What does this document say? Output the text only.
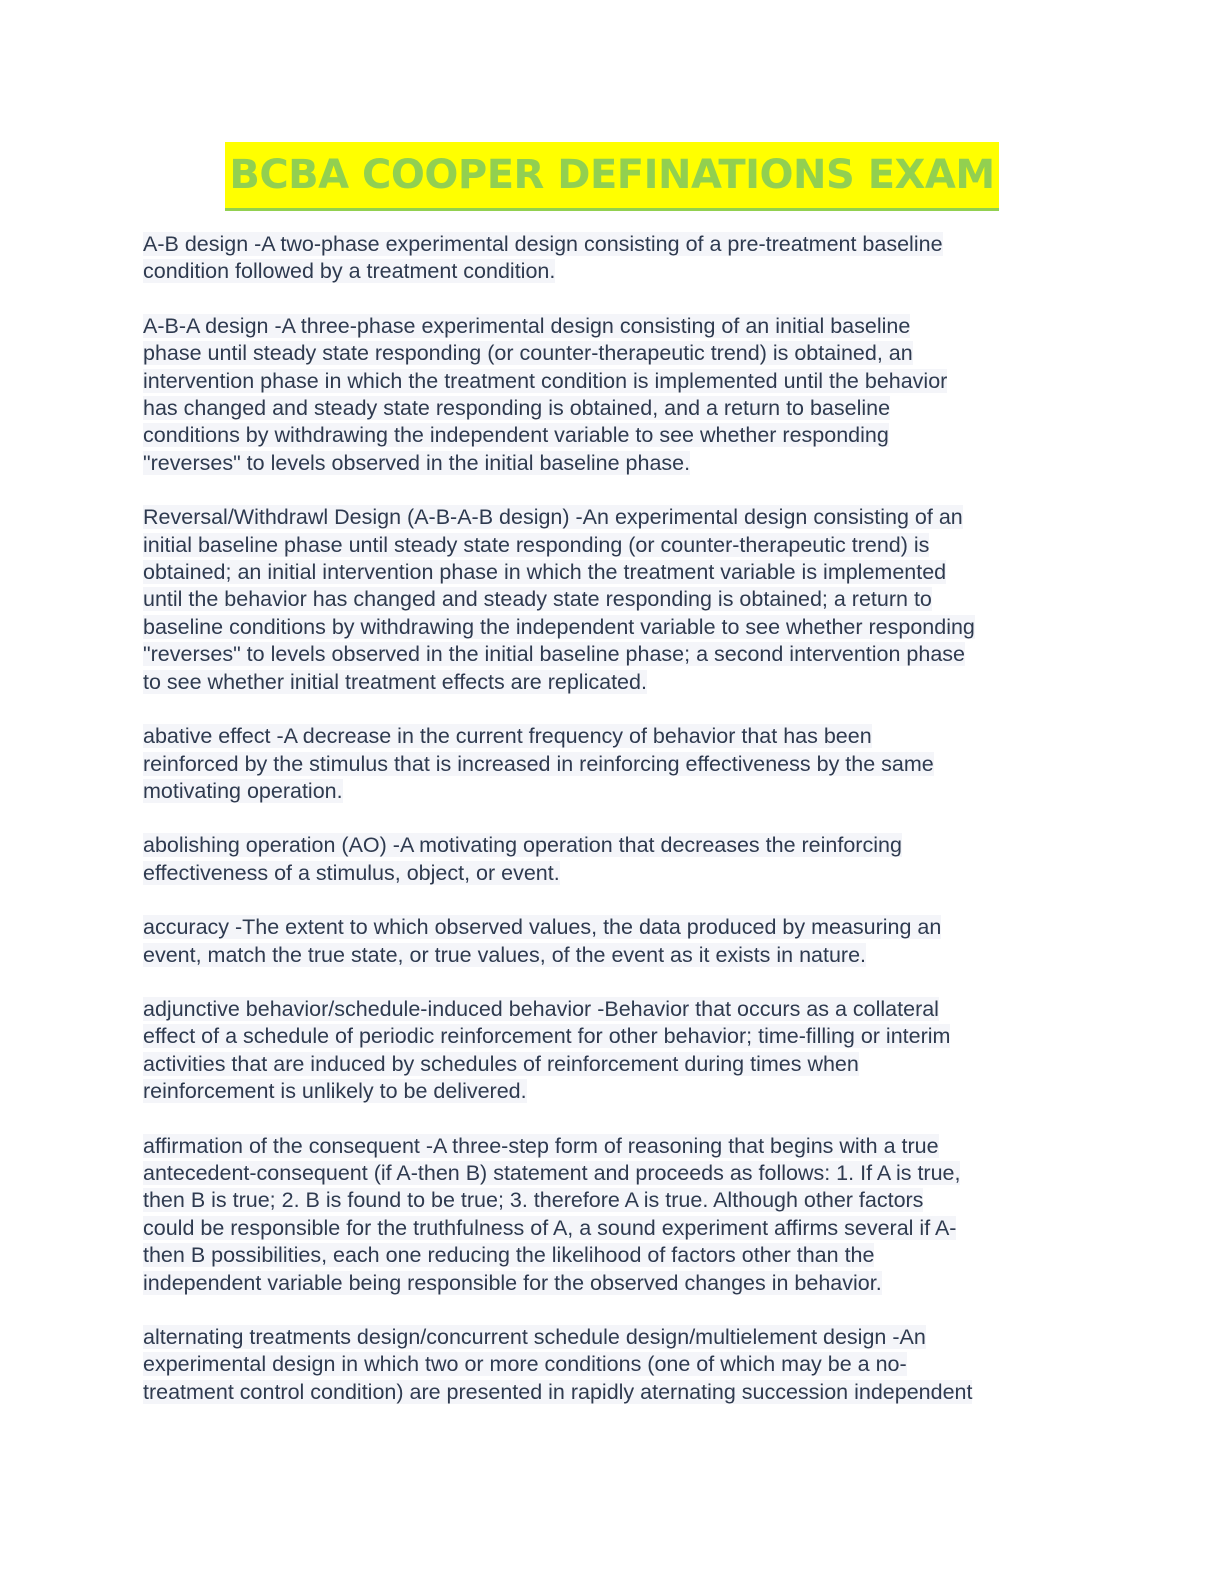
BCBA COOPER DEFINATIONS EXAM
A-B design -A two-phase experimental design consisting of a pre-treatment baseline
condition followed by a treatment condition.
A-B-A design -A three-phase experimental design consisting of an initial baseline
phase until steady state responding (or counter-therapeutic trend) is obtained, an
intervention phase in which the treatment condition is implemented until the behavior
has changed and steady state responding is obtained, and a return to baseline
conditions by withdrawing the independent variable to see whether responding
"reverses" to levels observed in the initial baseline phase.
Reversal/Withdrawl Design (A-B-A-B design) -An experimental design consisting of an
initial baseline phase until steady state responding (or counter-therapeutic trend) is
obtained; an initial intervention phase in which the treatment variable is implemented
until the behavior has changed and steady state responding is obtained; a return to
baseline conditions by withdrawing the independent variable to see whether responding
"reverses" to levels observed in the initial baseline phase; a second intervention phase
to see whether initial treatment effects are replicated.
abative effect -A decrease in the current frequency of behavior that has been
reinforced by the stimulus that is increased in reinforcing effectiveness by the same
motivating operation.
abolishing operation (AO) -A motivating operation that decreases the reinforcing
effectiveness of a stimulus, object, or event.
accuracy -The extent to which observed values, the data produced by measuring an
event, match the true state, or true values, of the event as it exists in nature.
adjunctive behavior/schedule-induced behavior -Behavior that occurs as a collateral
effect of a schedule of periodic reinforcement for other behavior; time-filling or interim
activities that are induced by schedules of reinforcement during times when
reinforcement is unlikely to be delivered.
affirmation of the consequent -A three-step form of reasoning that begins with a true
antecedent-consequent (if A-then B) statement and proceeds as follows: 1. If A is true,
then B is true; 2. B is found to be true; 3. therefore A is true. Although other factors
could be responsible for the truthfulness of A, a sound experiment affirms several if A-
then B possibilities, each one reducing the likelihood of factors other than the
independent variable being responsible for the observed changes in behavior.
alternating treatments design/concurrent schedule design/multielement design -An
experimental design in which two or more conditions (one of which may be a no-
treatment control condition) are presented in rapidly aternating succession independent
